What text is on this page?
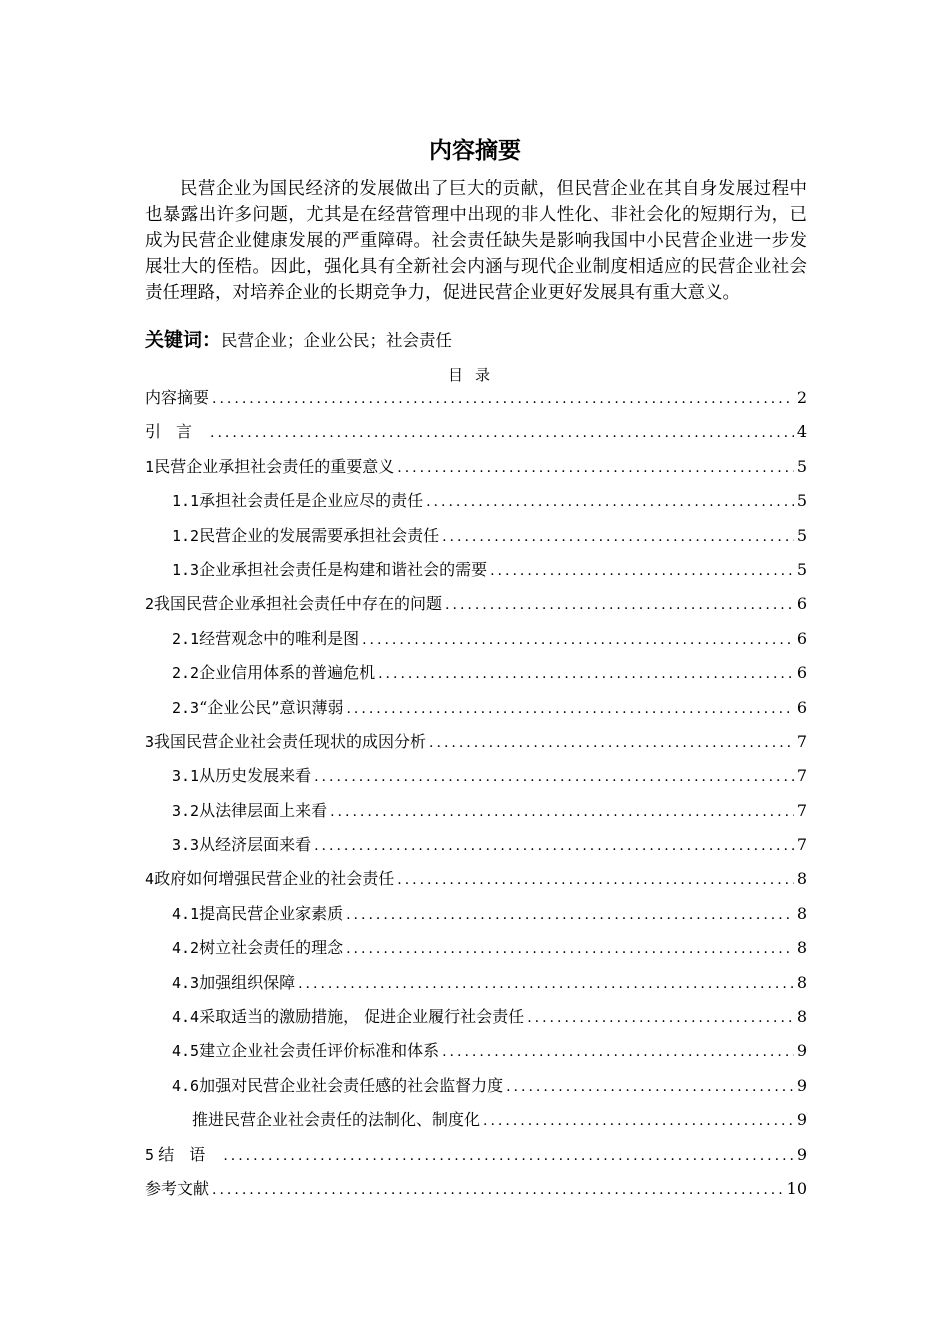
内容摘要

民营企业为国民经济的发展做出了巨大的贡献，但民营企业在其自身发展过程中也暴露出许多问题，尤其是在经营管理中出现的非人性化、非社会化的短期行为，已成为民营企业健康发展的严重障碍。社会责任缺失是影响我国中小民营企业进一步发展壮大的侄梏。因此，强化具有全新社会内涵与现代企业制度相适应的民营企业社会责任理路，对培养企业的长期竞争力，促进民营企业更好发展具有重大意义。

关键词：民营企业；企业公民；社会责任
目录
内容摘要 .....	2
引言 .....	4
1 民营企业承担社会责任的重要意义 .....	5
1.1 承担社会责任是企业应尽的责任 .....	5
1.2 民营企业的发展需要承担社会责任 .....	5
1.3 企业承担社会责任是构建和谐社会的需要 .....	5
2 我国民营企业承担社会责任中存在的问题 .....	6
2.1 经营观念中的唯利是图 .....	6
2.2 企业信用体系的普遍危机 .....	6
2.3 “企业公民”意识薄弱 .....	6
3 我国民营企业社会责任现状的成因分析 .....	7
3.1 从历史发展来看 .....	7
3.2 从法律层面上来看 .....	7
3.3 从经济层面来看 .....	7
4 政府如何增强民营企业的社会责任 .....	8
4.1 提高民营企业家素质 .....	8
4.2 树立社会责任的理念 .....	8
4.3 加强组织保障 .....	8
4.4 采取适当的激励措施， 促进企业履行社会责任 .....	8
4.5 建立企业社会责任评价标准和体系 .....	9
4.6 加强对民营企业社会责任感的社会监督力度 .....	9
推进民营企业社会责任的法制化、制度化 .....	9
5 结语 .....	9
参考文献 .....	10
